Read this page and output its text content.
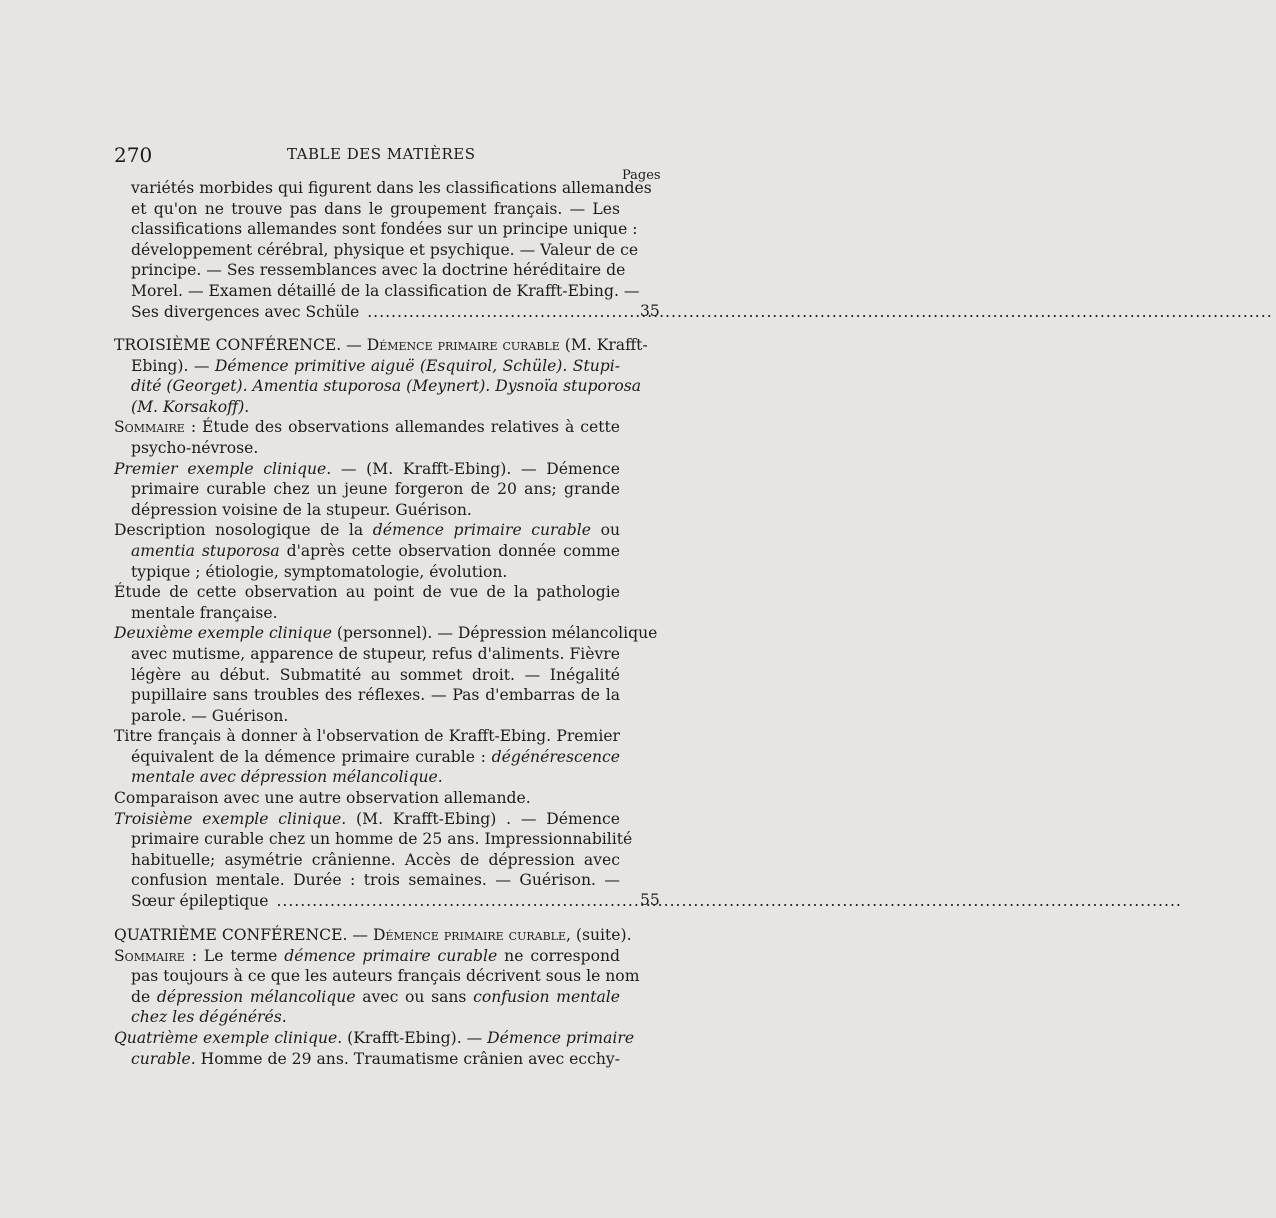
270	TABLE DES MATIÈRES
Pages
variétés morbides qui figurent dans les classifications allemandes
et qu'on ne trouve pas dans le groupement français. — Les
classifications allemandes sont fondées sur un principe unique :
développement cérébral, physique et psychique. — Valeur de ce
principe. — Ses ressemblances avec la doctrine héréditaire de
Morel. — Examen détaillé de la classification de Krafft-Ebing. —
Ses divergences avec Schüle .....	35
TROISIÈME CONFÉRENCE. — Démence primaire curable (M. Krafft-
Ebing). — Démence primitive aiguë (Esquirol, Schüle). Stupi-
dité (Georget). Amentia stuporosa (Meynert). Dysnoïa stuporosa
(M. Korsakoff).
Sommaire : Étude des observations allemandes relatives à cette
psycho-névrose.
Premier exemple clinique. — (M. Krafft-Ebing). — Démence
primaire curable chez un jeune forgeron de 20 ans; grande
dépression voisine de la stupeur. Guérison.
Description nosologique de la démence primaire curable ou
amentia stuporosa d'après cette observation donnée comme
typique ; étiologie, symptomatologie, évolution.
Étude de cette observation au point de vue de la pathologie
mentale française.
Deuxième exemple clinique (personnel). — Dépression mélancolique
avec mutisme, apparence de stupeur, refus d'aliments. Fièvre
légère au début. Submatité au sommet droit. — Inégalité
pupillaire sans troubles des réflexes. — Pas d'embarras de la
parole. — Guérison.
Titre français à donner à l'observation de Krafft-Ebing. Premier
équivalent de la démence primaire curable : dégénérescence
mentale avec dépression mélancolique.
Comparaison avec une autre observation allemande.
Troisième exemple clinique. (M. Krafft-Ebing) . — Démence
primaire curable chez un homme de 25 ans. Impressionnabilité
habituelle; asymétrie crânienne. Accès de dépression avec
confusion mentale. Durée : trois semaines. — Guérison. —
Sœur épileptique .....	55
QUATRIÈME CONFÉRENCE. — Démence primaire curable, (suite).
Sommaire : Le terme démence primaire curable ne correspond
pas toujours à ce que les auteurs français décrivent sous le nom
de dépression mélancolique avec ou sans confusion mentale
chez les dégénérés.
Quatrième exemple clinique. (Krafft-Ebing). — Démence primaire
curable. Homme de 29 ans. Traumatisme crânien avec ecchy-
